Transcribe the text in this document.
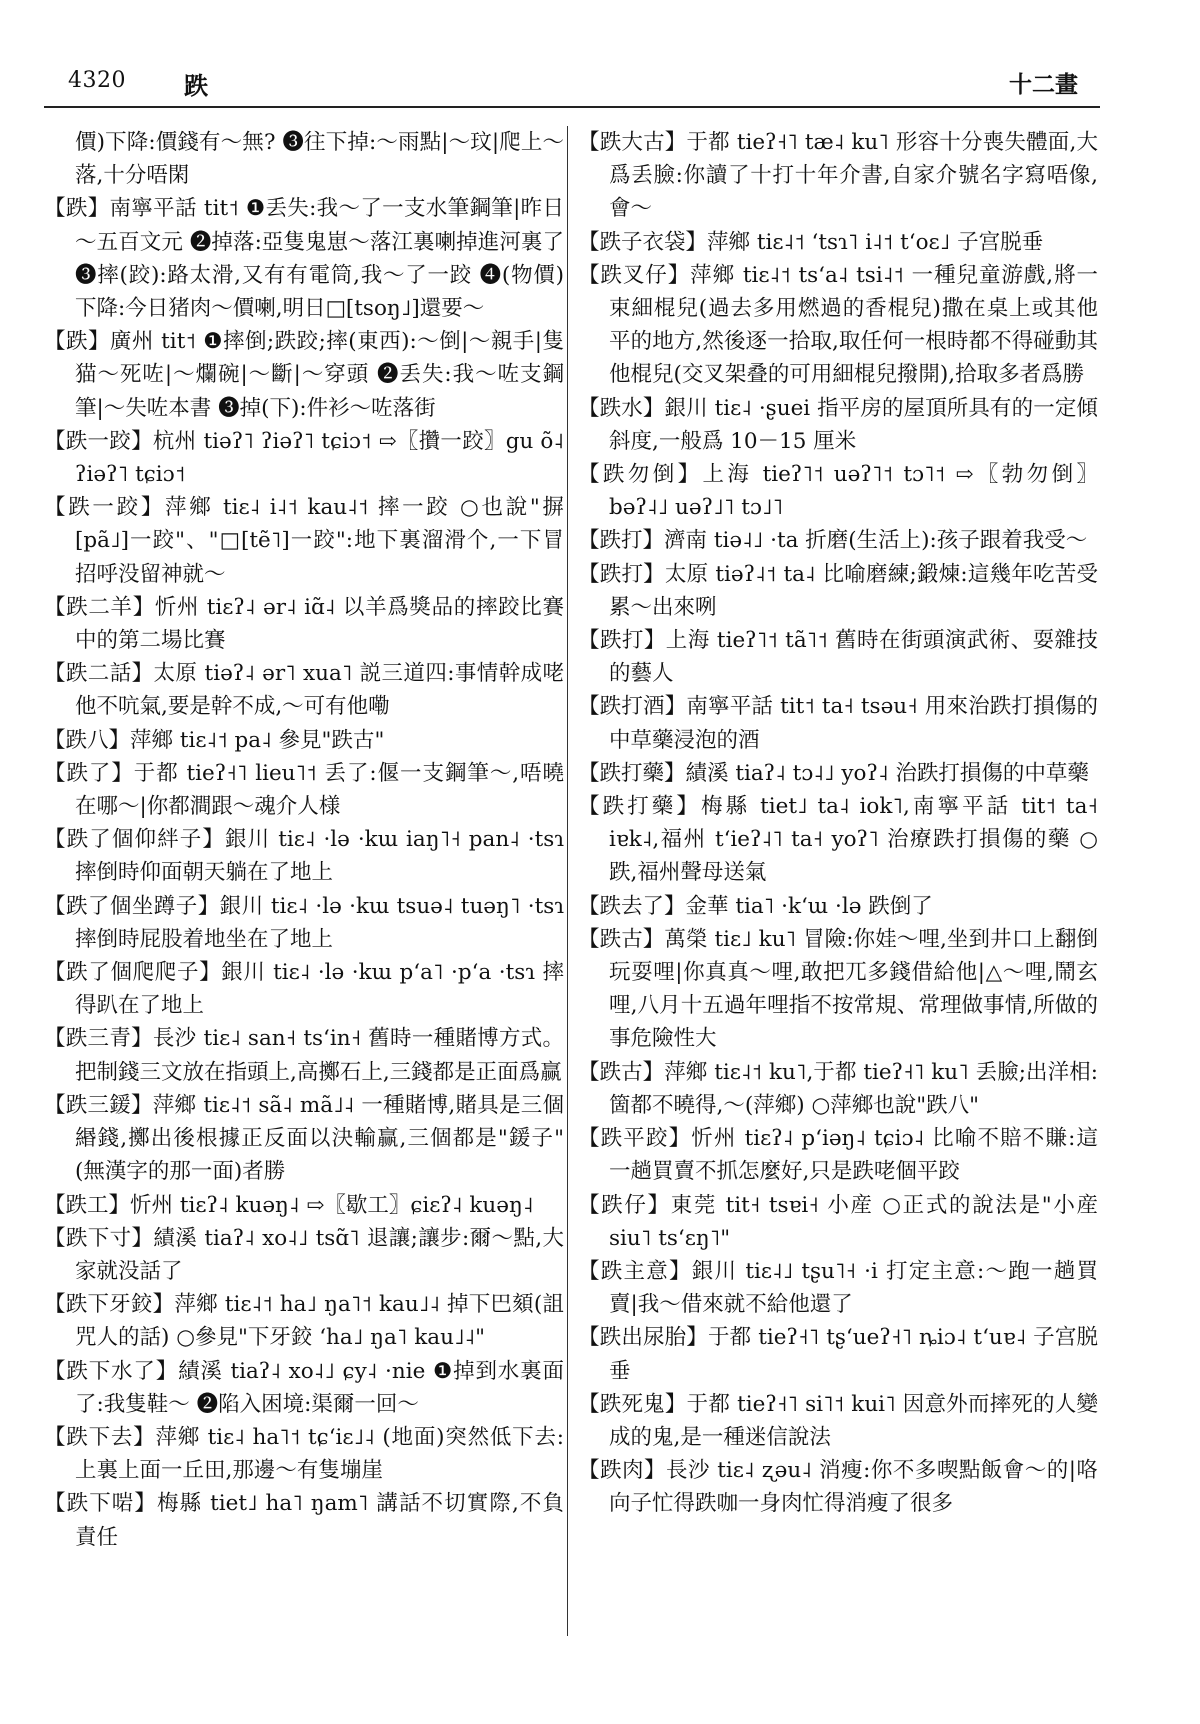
4320 跌	十二畫
價)下降:價錢有～無? ❸往下掉:～雨點|～玟|爬上～落,十分唔閑
【跌】南寧平話 tit˦ ❶丢失:我～了一支水筆鋼筆|昨日～五百文元 ❷掉落:亞隻鬼崽～落江裏喇掉進河裏了 ❸摔(跤):路太滑,又有有電筒,我～了一跤 ❹(物價)下降:今日猪肉～價喇,明日□[tsoŋ˩]還要～
【跌】廣州 tit˦ ❶摔倒;跌跤;摔(東西):～倒|～親手|隻猫～死咗|～爛碗|～斷|～穿頭 ❷丢失:我～咗支鋼筆|～失咗本書 ❸掉(下):件衫～咗落街
【跌一跤】杭州 tiəʔ˥ ʔiəʔ˥ tɕiɔ˦ ⇨〖攢一跤〗gu õ˨ ʔiəʔ˥ tɕiɔ˦
【跌一跤】萍鄉 tiɛ˨ i˨˦ kau˨˦ 摔一跤 ○也說"摒[pã˩]一跤"、"□[tẽ˥]一跤":地下裏溜滑个,一下冒招呼没留神就～
【跌二羊】忻州 tiɛʔ˨ ər˨ iɑ̃˨ 以羊爲獎品的摔跤比賽中的第二場比賽
【跌二話】太原 tiəʔ˨ ər˥ xua˥ 説三道四:事情幹成咾他不吭氣,要是幹不成,～可有他嘞
【跌八】萍鄉 tiɛ˨˦ pa˨ 參見"跌古"
【跌了】于都 tieʔ˧˥ lieu˥˦ 丢了:偃一支鋼筆～,唔曉在哪～|你都澗跟～魂介人様
【跌了個仰絆子】銀川 tiɛ˨ ·lə ·kɯ iaŋ˥˧ pan˨ ·tsɿ 摔倒時仰面朝天躺在了地上
【跌了個坐蹲子】銀川 tiɛ˨ ·lə ·kɯ tsuə˨ tuəŋ˥ ·tsɿ 摔倒時屁股着地坐在了地上
【跌了個爬爬子】銀川 tiɛ˨ ·lə ·kɯ pʻa˥ ·pʻa ·tsɿ 摔得趴在了地上
【跌三青】長沙 tiɛ˨ san˧ tsʻin˧ 舊時一種賭博方式。把制錢三文放在指頭上,高擲石上,三錢都是正面爲赢
【跌三鍰】萍鄉 tiɛ˨˦ sã˨ mã˩˨ 一種賭博,賭具是三個緡錢,擲出後根據正反面以決輸赢,三個都是"鍰子"(無漢字的那一面)者勝
【跌工】忻州 tiɛʔ˨ kuəŋ˨ ⇨〖歇工〗ɕiɛʔ˨ kuəŋ˨
【跌下寸】績溪 tiaʔ˨ xo˨˩ tsɑ̃˥ 退讓;讓步:爾～點,大家就没話了
【跌下牙鉸】萍鄉 tiɛ˨˦ ha˩ ŋa˥˦ kau˩˨ 掉下巴頦(詛咒人的話) ○參見"下牙鉸 ʻha˩ ŋa˥ kau˩˨"
【跌下水了】績溪 tiaʔ˨ xo˨˩ ɕy˨ ·nie ❶掉到水裏面了:我隻鞋～ ❷陷入困境:渠爾一回～
【跌下去】萍鄉 tiɛ˨ ha˥˦ tɕʻiɛ˩˨ (地面)突然低下去:上裏上面一丘田,那邊～有隻塴崖
【跌下啱】梅縣 tiet˩ ha˥ ŋam˥ 講話不切實際,不負責任
【跌大古】于都 tieʔ˧˥ tæ˨ ku˥ 形容十分喪失體面,大爲丢臉:你讀了十打十年介書,自家介號名字寫唔像,會～
【跌子衣袋】萍鄉 tiɛ˨˦ ʻtsɿ˥ i˨˦ tʻoɛ˩ 子宫脱垂
【跌叉仔】萍鄉 tiɛ˨˦ tsʻa˨ tsi˨˦ 一種兒童游戲,將一束細棍兒(過去多用燃過的香棍兒)撒在桌上或其他平的地方,然後逐一拾取,取任何一根時都不得碰動其他棍兒(交叉架叠的可用細棍兒撥開),拾取多者爲勝
【跌水】銀川 tiɛ˨ ·ʂuei 指平房的屋頂所具有的一定傾斜度,一般爲 10－15 厘米
【跌勿倒】上海 tieʔ˥˦ uəʔ˥˦ tɔ˥˦ ⇨〖勃勿倒〗bəʔ˨˩ uəʔ˩˥ tɔ˩˥
【跌打】濟南 tiə˨˩ ·ta 折磨(生活上):孩子跟着我受～
【跌打】太原 tiəʔ˨˦ ta˨ 比喻磨練;鍛煉:這幾年吃苦受累～出來咧
【跌打】上海 tieʔ˥˦ tã˥˦ 舊時在街頭演武術、耍雜技的藝人
【跌打酒】南寧平話 tit˦ ta˧ tsəu˧ 用來治跌打損傷的中草藥浸泡的酒
【跌打藥】績溪 tiaʔ˨ tɔ˨˩ yoʔ˨ 治跌打損傷的中草藥
【跌打藥】梅縣 tiet˩ ta˨ iok˥,南寧平話 tit˦ ta˧ iɐk˨,福州 tʻieʔ˨˥ ta˧ yoʔ˥ 治療跌打損傷的藥 ○跌,福州聲母送氣
【跌去了】金華 tia˥ ·kʻɯ ·lə 跌倒了
【跌古】萬榮 tiɛ˩ ku˥ 冒險:你娃～哩,坐到井口上翻倒玩耍哩|你真真～哩,敢把兀多錢借給他|△～哩,鬧玄哩,八月十五過年哩指不按常規、常理做事情,所做的事危險性大
【跌古】萍鄉 tiɛ˨˦ ku˥,于都 tieʔ˧˥ ku˥ 丢臉;出洋相:箇都不曉得,～(萍鄉) ○萍鄉也說"跌八"
【跌平跤】忻州 tiɛʔ˨ pʻiəŋ˨ tɕiɔ˨ 比喻不賠不賺:這一趟買賣不抓怎麼好,只是跌咾個平跤
【跌仔】東莞 tit˧ tsɐi˧ 小産 ○正式的說法是"小産 siu˥ tsʻɛŋ˥"
【跌主意】銀川 tiɛ˨˩ tʂu˥˧ ·i 打定主意:～跑一趟買賣|我～借來就不給他還了
【跌出尿胎】于都 tieʔ˧˥ tʂʻueʔ˧˥ ȵiɔ˨ tʻuɐ˨ 子宫脱垂
【跌死鬼】于都 tieʔ˧˥ si˥˦ kui˥ 因意外而摔死的人變成的鬼,是一種迷信說法
【跌肉】長沙 tiɛ˨ ʐəu˨ 消瘦:你不多喫點飯會～的|咯向子忙得跌咖一身肉忙得消瘦了很多
